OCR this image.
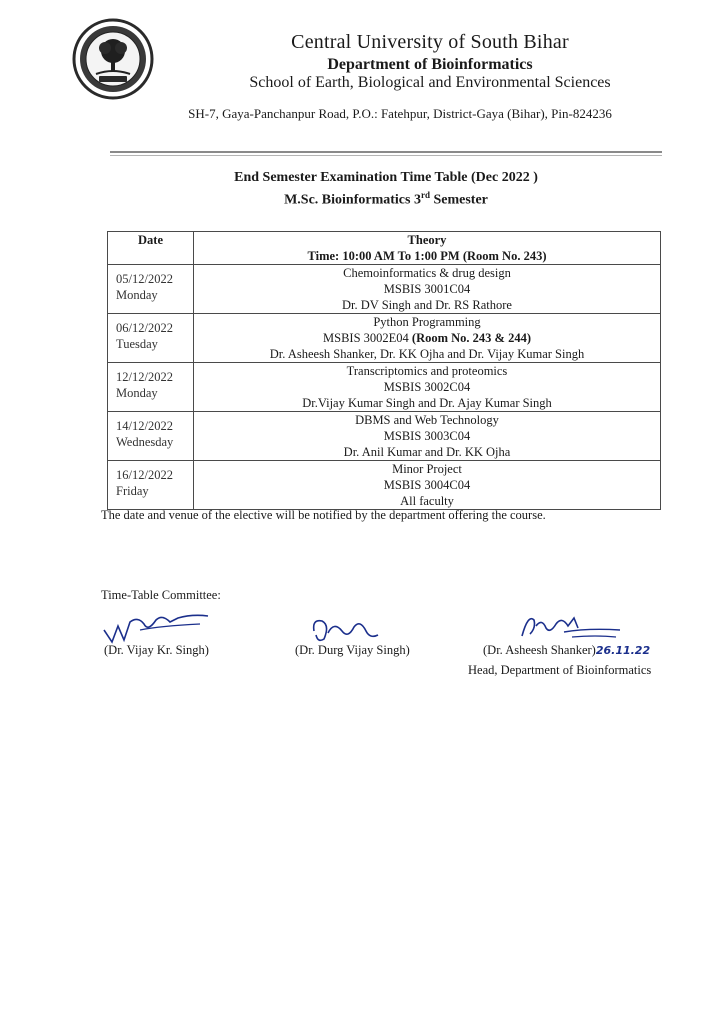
Central University of South Bihar
Department of Bioinformatics
School of Earth, Biological and Environmental Sciences
SH-7, Gaya-Panchanpur Road, P.O.: Fatehpur, District-Gaya (Bihar), Pin-824236
End Semester Examination Time Table (Dec 2022 )
M.Sc. Bioinformatics 3rd Semester
Date	Theory
Time: 10:00 AM To 1:00 PM (Room No. 243)

05/12/2022
Monday	Chemoinformatics & drug design
MSBIS 3001C04
Dr. DV Singh and Dr. RS Rathore

06/12/2022
Tuesday	Python Programming
MSBIS 3002E04 (Room No. 243 & 244)
Dr. Asheesh Shanker, Dr. KK Ojha and Dr. Vijay Kumar Singh

12/12/2022
Monday	Transcriptomics and proteomics
MSBIS 3002C04
Dr.Vijay Kumar Singh and Dr. Ajay Kumar Singh

14/12/2022
Wednesday	DBMS and Web Technology
MSBIS 3003C04
Dr. Anil Kumar and Dr. KK Ojha

16/12/2022
Friday	Minor Project
MSBIS 3004C04
All faculty
The date and venue of the elective will be notified by the department offering the course.
Time-Table Committee:
(Dr. Vijay Kr. Singh)	(Dr. Durg Vijay Singh)	(Dr. Asheesh Shanker)26.11.22
Head, Department of Bioinformatics
